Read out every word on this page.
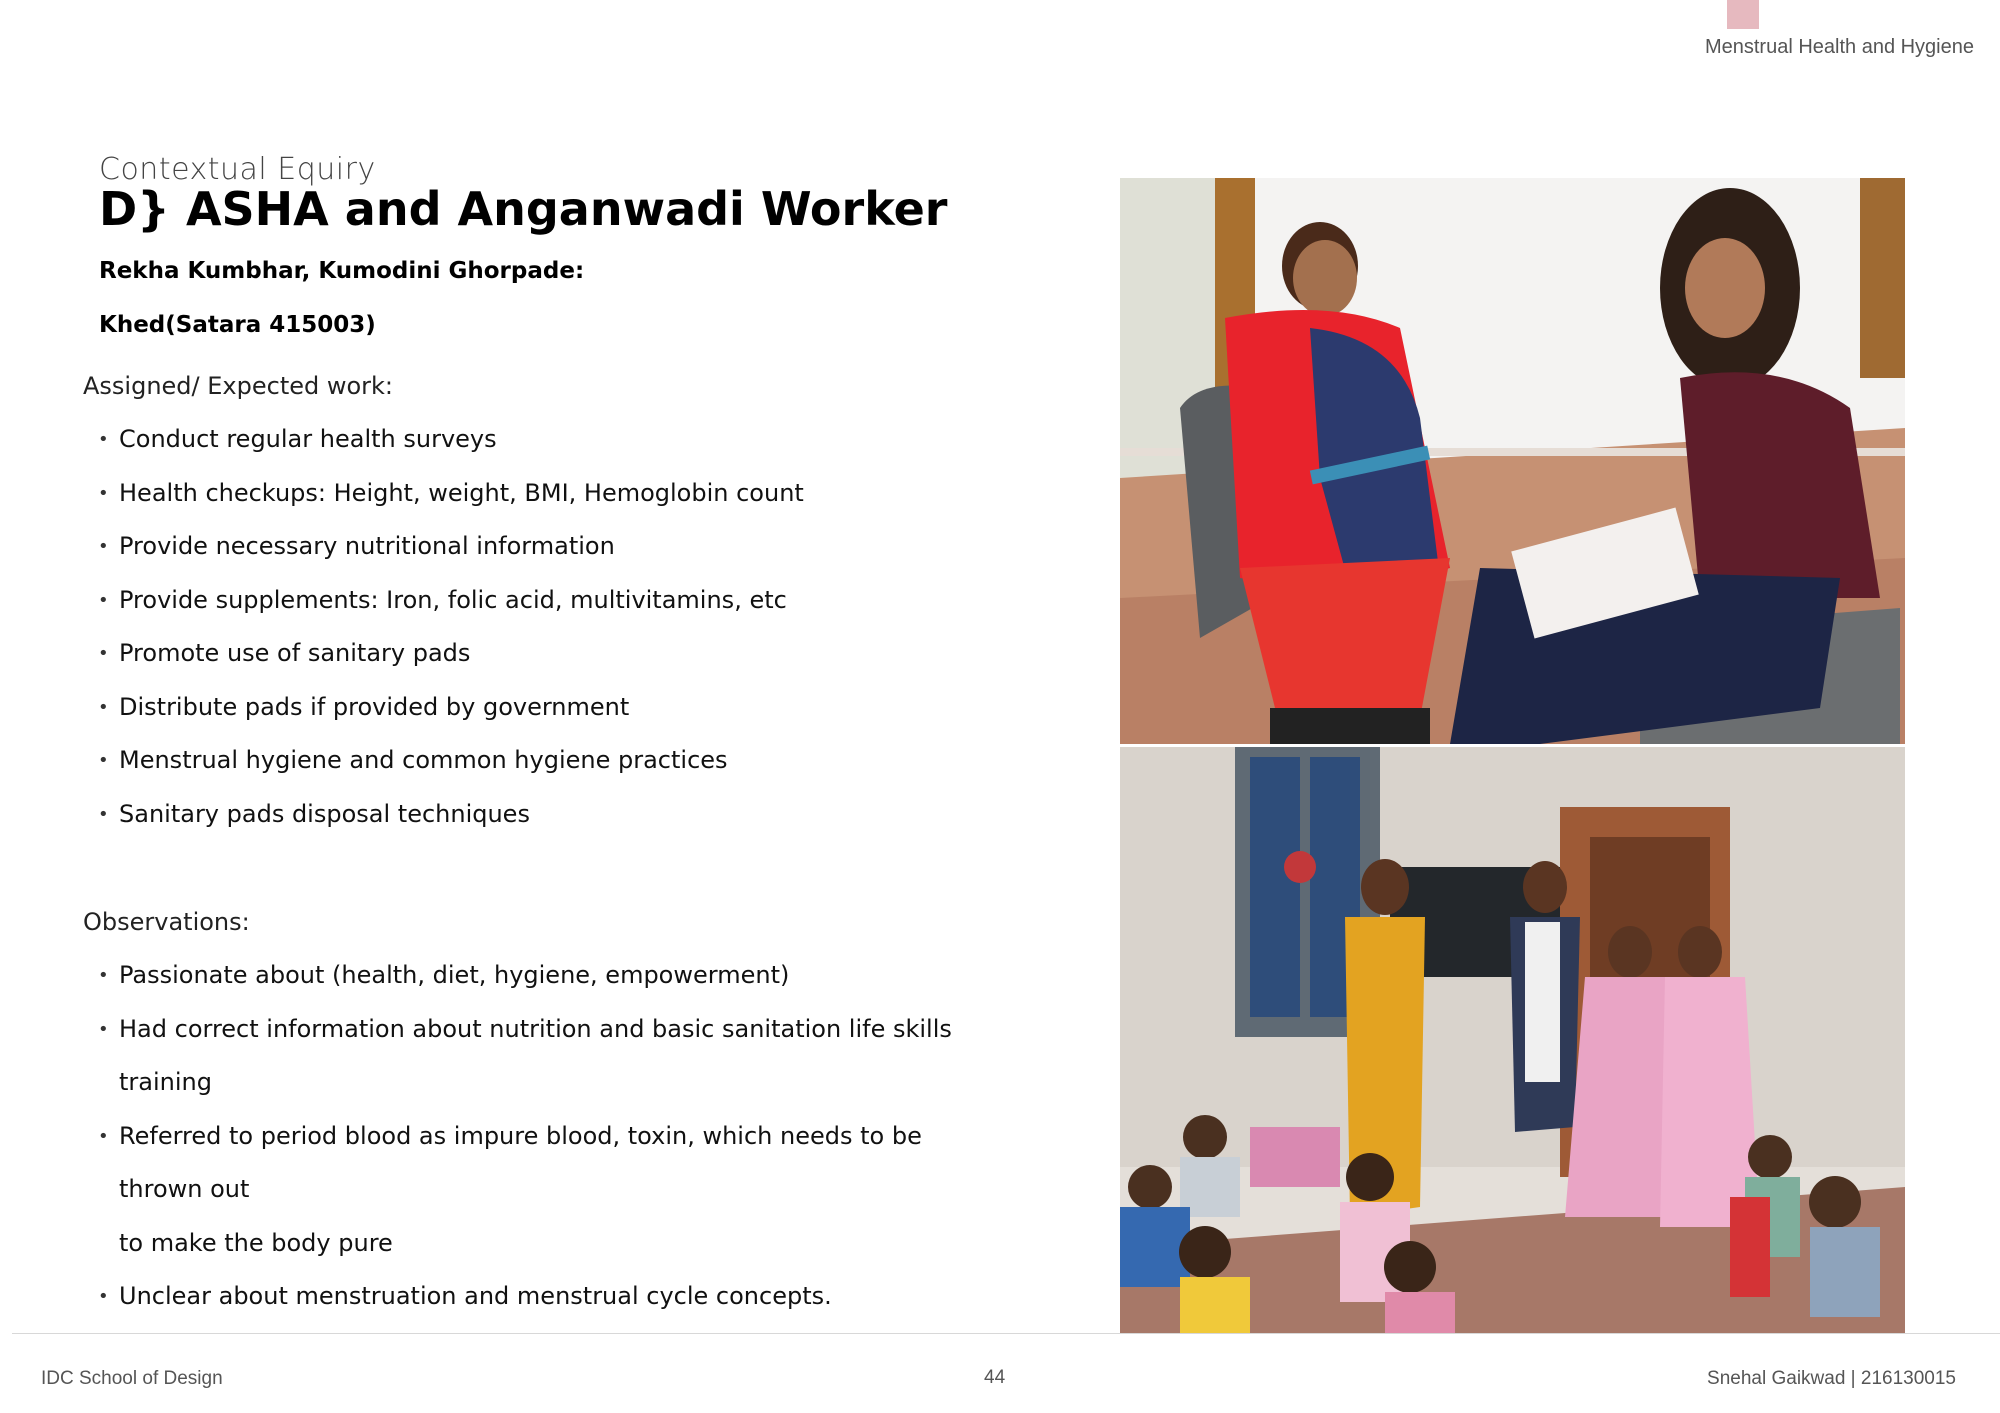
Menstrual Health and Hygiene
Contextual Equiry
D} ASHA and Anganwadi Worker
Rekha Kumbhar, Kumodini Ghorpade:
Khed(Satara 415003)
Assigned/ Expected work:
• Conduct regular health surveys
• Health checkups: Height, weight, BMI, Hemoglobin count
• Provide necessary nutritional information
• Provide supplements: Iron, folic acid, multivitamins, etc
• Promote use of sanitary pads
• Distribute pads if provided by government
• Menstrual hygiene and common hygiene practices
• Sanitary pads disposal techniques
Observations:
• Passionate about (health, diet, hygiene, empowerment)
• Had correct information about nutrition and basic sanitation life skills training
• Referred to period blood as impure blood, toxin, which needs to be thrown out
to make the body pure
• Unclear about menstruation and menstrual cycle concepts.
IDC School of Design	44	Snehal Gaikwad | 216130015
